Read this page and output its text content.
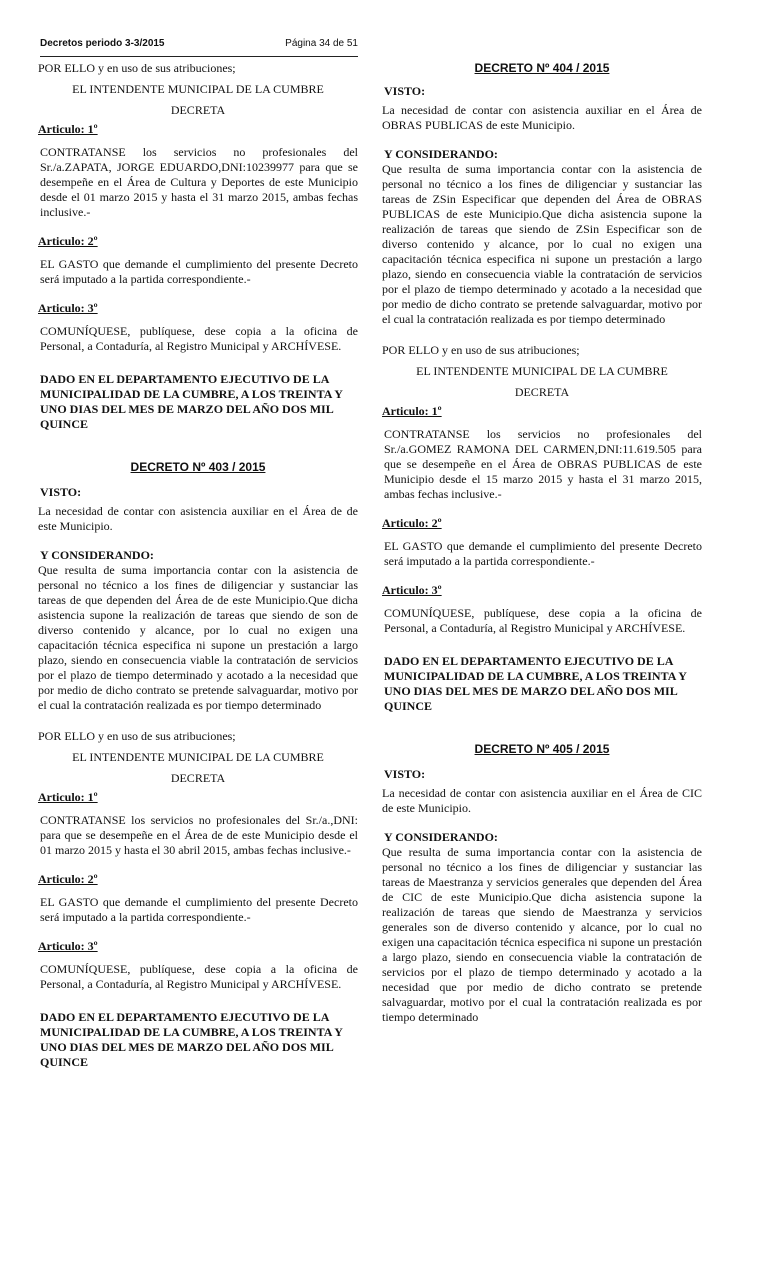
Decretos periodo 3-3/2015	Página 34 de 51

POR ELLO y en uso de sus atribuciones;

EL INTENDENTE MUNICIPAL DE LA CUMBRE

DECRETA

Articulo: 1º

CONTRATANSE los servicios no profesionales del Sr./a.ZAPATA, JORGE EDUARDO,DNI:10239977 para que se desempeñe en el Área de Cultura y Deportes de este Municipio desde el 01 marzo 2015 y hasta el 31 marzo 2015, ambas fechas inclusive.-

Articulo: 2º

EL GASTO que demande el cumplimiento del presente Decreto será imputado a la partida correspondiente.-

Articulo: 3º

COMUNÍQUESE, publíquese, dese copia a la oficina de Personal, a Contaduría, al Registro Municipal y ARCHÍVESE.

DADO EN EL DEPARTAMENTO EJECUTIVO DE LA MUNICIPALIDAD DE LA CUMBRE, A LOS TREINTA Y UNO DIAS DEL MES DE MARZO DEL AÑO DOS MIL QUINCE

DECRETO Nº 403 / 2015

VISTO:

La necesidad de contar con asistencia auxiliar en el Área de de este Municipio.

Y CONSIDERANDO:

Que resulta de suma importancia contar con la asistencia de personal no técnico a los fines de diligenciar y sustanciar las tareas de que dependen del Área de de este Municipio.Que dicha asistencia supone la realización de tareas que siendo de son de diverso contenido y alcance, por lo cual no exigen una capacitación técnica especifica ni supone un prestación a largo plazo, siendo en consecuencia viable la contratación de servicios por el plazo de tiempo determinado y acotado a la necesidad que por medio de dicho contrato se pretende salvaguardar, motivo por el cual la contratación realizada es por tiempo determinado

POR ELLO y en uso de sus atribuciones;

EL INTENDENTE MUNICIPAL DE LA CUMBRE

DECRETA

Articulo: 1º

CONTRATANSE los servicios no profesionales del Sr./a.,DNI: para que se desempeñe en el Área de de este Municipio desde el 01 marzo 2015 y hasta el 30 abril 2015, ambas fechas inclusive.-

Articulo: 2º

EL GASTO que demande el cumplimiento del presente Decreto será imputado a la partida correspondiente.-

Articulo: 3º

COMUNÍQUESE, publíquese, dese copia a la oficina de Personal, a Contaduría, al Registro Municipal y ARCHÍVESE.

DADO EN EL DEPARTAMENTO EJECUTIVO DE LA MUNICIPALIDAD DE LA CUMBRE, A LOS TREINTA Y UNO DIAS DEL MES DE MARZO DEL AÑO DOS MIL QUINCE

DECRETO Nº 404 / 2015

VISTO:

La necesidad de contar con asistencia auxiliar en el Área de OBRAS PUBLICAS de este Municipio.

Y CONSIDERANDO:

Que resulta de suma importancia contar con la asistencia de personal no técnico a los fines de diligenciar y sustanciar las tareas de ZSin Especificar que dependen del Área de OBRAS PUBLICAS de este Municipio.Que dicha asistencia supone la realización de tareas que siendo de ZSin Especificar son de diverso contenido y alcance, por lo cual no exigen una capacitación técnica especifica ni supone un prestación a largo plazo, siendo en consecuencia viable la contratación de servicios por el plazo de tiempo determinado y acotado a la necesidad que por medio de dicho contrato se pretende salvaguardar, motivo por el cual la contratación realizada es por tiempo determinado

POR ELLO y en uso de sus atribuciones;

EL INTENDENTE MUNICIPAL DE LA CUMBRE

DECRETA

Articulo: 1º

CONTRATANSE los servicios no profesionales del Sr./a.GOMEZ RAMONA DEL CARMEN,DNI:11.619.505 para que se desempeñe en el Área de OBRAS PUBLICAS de este Municipio desde el 15 marzo 2015 y hasta el 31 marzo 2015, ambas fechas inclusive.-

Articulo: 2º

EL GASTO que demande el cumplimiento del presente Decreto será imputado a la partida correspondiente.-

Articulo: 3º

COMUNÍQUESE, publíquese, dese copia a la oficina de Personal, a Contaduría, al Registro Municipal y ARCHÍVESE.

DADO EN EL DEPARTAMENTO EJECUTIVO DE LA MUNICIPALIDAD DE LA CUMBRE, A LOS TREINTA Y UNO DIAS DEL MES DE MARZO DEL AÑO DOS MIL QUINCE

DECRETO Nº 405 / 2015

VISTO:

La necesidad de contar con asistencia auxiliar en el Área de CIC de este Municipio.

Y CONSIDERANDO:

Que resulta de suma importancia contar con la asistencia de personal no técnico a los fines de diligenciar y sustanciar las tareas de Maestranza y servicios generales que dependen del Área de CIC de este Municipio.Que dicha asistencia supone la realización de tareas que siendo de Maestranza y servicios generales son de diverso contenido y alcance, por lo cual no exigen una capacitación técnica especifica ni supone un prestación a largo plazo, siendo en consecuencia viable la contratación de servicios por el plazo de tiempo determinado y acotado a la necesidad que por medio de dicho contrato se pretende salvaguardar, motivo por el cual la contratación realizada es por tiempo determinado
